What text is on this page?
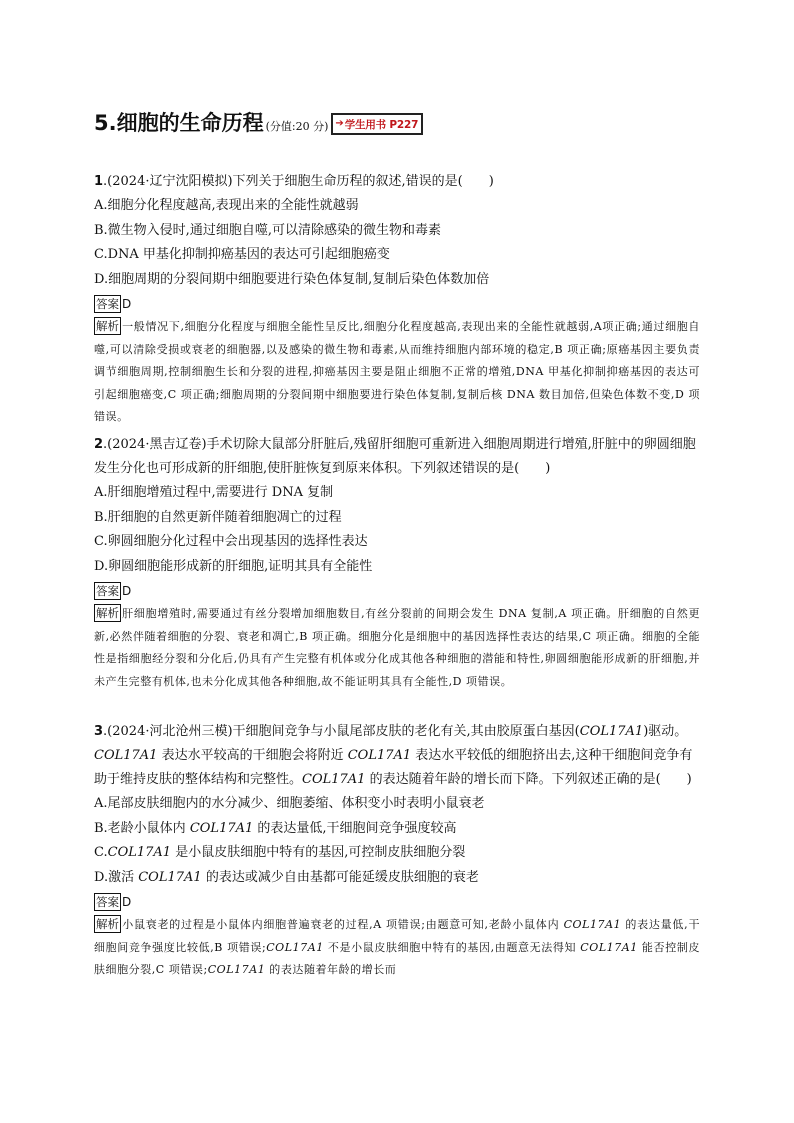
5.细胞的生命历程 (分值:20 分) ➔ 学生用书 P227
1.(2024·辽宁沈阳模拟)下列关于细胞生命历程的叙述,错误的是(　　)
A.细胞分化程度越高,表现出来的全能性就越弱
B.微生物入侵时,通过细胞自噬,可以清除感染的微生物和毒素
C.DNA 甲基化抑制抑癌基因的表达可引起细胞癌变
D.细胞周期的分裂间期中细胞要进行染色体复制,复制后染色体数加倍
答案 D
解析 一般情况下,细胞分化程度与细胞全能性呈反比,细胞分化程度越高,表现出来的全能性就越弱,A项正确;通过细胞自噬,可以清除受损或衰老的细胞器,以及感染的微生物和毒素,从而维持细胞内部环境的稳定,B 项正确;原癌基因主要负责调节细胞周期,控制细胞生长和分裂的进程,抑癌基因主要是阻止细胞不正常的增殖,DNA 甲基化抑制抑癌基因的表达可引起细胞癌变,C 项正确;细胞周期的分裂间期中细胞要进行染色体复制,复制后核 DNA 数目加倍,但染色体数不变,D 项错误。
2.(2024·黑吉辽卷)手术切除大鼠部分肝脏后,残留肝细胞可重新进入细胞周期进行增殖,肝脏中的卵圆细胞发生分化也可形成新的肝细胞,使肝脏恢复到原来体积。下列叙述错误的是(　　)
A.肝细胞增殖过程中,需要进行 DNA 复制
B.肝细胞的自然更新伴随着细胞凋亡的过程
C.卵圆细胞分化过程中会出现基因的选择性表达
D.卵圆细胞能形成新的肝细胞,证明其具有全能性
答案 D
解析 肝细胞增殖时,需要通过有丝分裂增加细胞数目,有丝分裂前的间期会发生 DNA 复制,A 项正确。肝细胞的自然更新,必然伴随着细胞的分裂、衰老和凋亡,B 项正确。细胞分化是细胞中的基因选择性表达的结果,C 项正确。细胞的全能性是指细胞经分裂和分化后,仍具有产生完整有机体或分化成其他各种细胞的潜能和特性,卵圆细胞能形成新的肝细胞,并未产生完整有机体,也未分化成其他各种细胞,故不能证明其具有全能性,D 项错误。
3.(2024·河北沧州三模)干细胞间竞争与小鼠尾部皮肤的老化有关,其由胶原蛋白基因(COL17A1)驱动。COL17A1 表达水平较高的干细胞会将附近 COL17A1 表达水平较低的细胞挤出去,这种干细胞间竞争有助于维持皮肤的整体结构和完整性。COL17A1 的表达随着年龄的增长而下降。下列叙述正确的是(　　)
A.尾部皮肤细胞内的水分减少、细胞萎缩、体积变小时表明小鼠衰老
B.老龄小鼠体内 COL17A1 的表达量低,干细胞间竞争强度较高
C.COL17A1 是小鼠皮肤细胞中特有的基因,可控制皮肤细胞分裂
D.激活 COL17A1 的表达或减少自由基都可能延缓皮肤细胞的衰老
答案 D
解析 小鼠衰老的过程是小鼠体内细胞普遍衰老的过程,A 项错误;由题意可知,老龄小鼠体内 COL17A1 的表达量低,干细胞间竞争强度比较低,B 项错误;COL17A1 不是小鼠皮肤细胞中特有的基因,由题意无法得知 COL17A1 能否控制皮肤细胞分裂,C 项错误;COL17A1 的表达随着年龄的增长而
